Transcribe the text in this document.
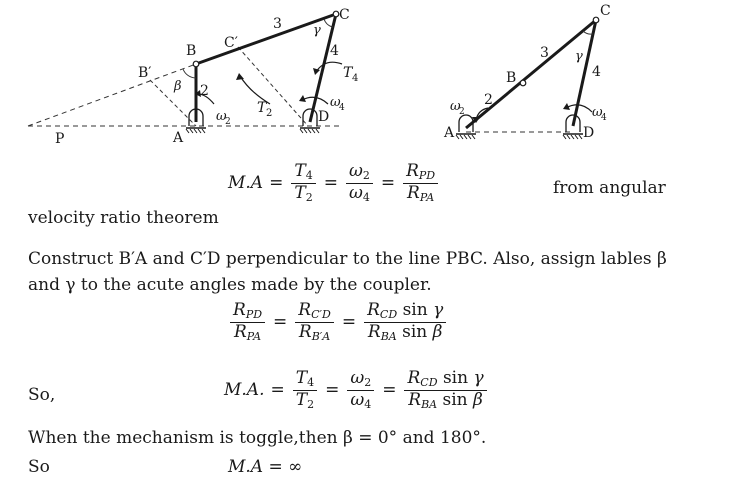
C
3 γ
B C′	4
T 4
B′
β 2
ω
4
ω
2
T 2
P	A
D
C
3 γ
4
B
2
ω
2	ω
4
A	D
$M.A = \frac{T_4}{T_2} = \frac{\omega_2}{\omega_4} = \frac{R_{PD}}{R_{PA}}$	from angular
velocity ratio theorem
Construct B′A and C′D perpendicular to the line PBC. Also, assign lables β
and γ to the acute angles made by the coupler.
$\frac{R_{PD}}{R_{PA}} = \frac{R_{C'D}}{R_{B'A}} = \frac{R_{CD} \sin \gamma}{R_{BA} \sin \beta}$
So,	M.A. = $\frac{T_4}{T_2} = \frac{\omega_2}{\omega_4} = \frac{R_{CD} \sin \gamma}{R_{BA} \sin \beta}$
When the mechanism is toggle,then β = 0° and 180°.
So	M.A = ∞
